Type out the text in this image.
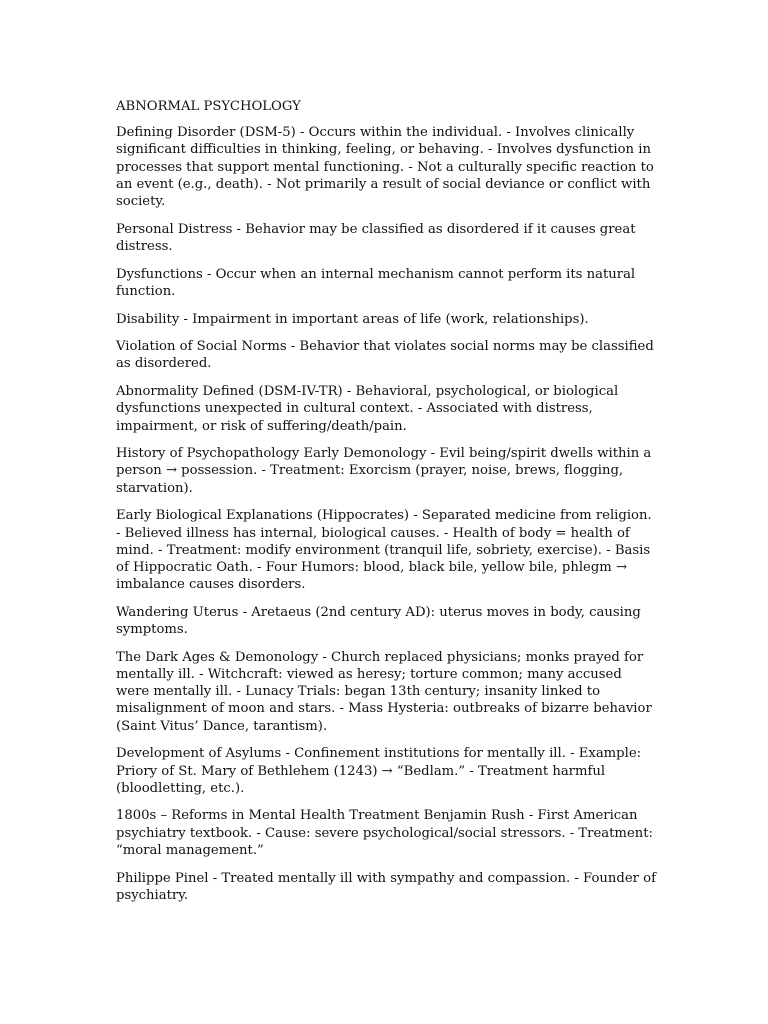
ABNORMAL PSYCHOLOGY

Defining Disorder (DSM-5) - Occurs within the individual. - Involves clinically significant difficulties in thinking, feeling, or behaving. - Involves dysfunction in processes that support mental functioning. - Not a culturally specific reaction to an event (e.g., death). - Not primarily a result of social deviance or conflict with society.

Personal Distress - Behavior may be classified as disordered if it causes great distress.

Dysfunctions - Occur when an internal mechanism cannot perform its natural function.

Disability - Impairment in important areas of life (work, relationships).

Violation of Social Norms - Behavior that violates social norms may be classified as disordered.

Abnormality Defined (DSM-IV-TR) - Behavioral, psychological, or biological dysfunctions unexpected in cultural context. - Associated with distress, impairment, or risk of suffering/death/pain.

History of Psychopathology Early Demonology - Evil being/spirit dwells within a person → possession. - Treatment: Exorcism (prayer, noise, brews, flogging, starvation).

Early Biological Explanations (Hippocrates) - Separated medicine from religion. - Believed illness has internal, biological causes. - Health of body = health of mind. - Treatment: modify environment (tranquil life, sobriety, exercise). - Basis of Hippocratic Oath. - Four Humors: blood, black bile, yellow bile, phlegm → imbalance causes disorders.

Wandering Uterus - Aretaeus (2nd century AD): uterus moves in body, causing symptoms.

The Dark Ages & Demonology - Church replaced physicians; monks prayed for mentally ill. - Witchcraft: viewed as heresy; torture common; many accused were mentally ill. - Lunacy Trials: began 13th century; insanity linked to misalignment of moon and stars. - Mass Hysteria: outbreaks of bizarre behavior (Saint Vitus’ Dance, tarantism).

Development of Asylums - Confinement institutions for mentally ill. - Example: Priory of St. Mary of Bethlehem (1243) → “Bedlam.” - Treatment harmful (bloodletting, etc.).

1800s – Reforms in Mental Health Treatment Benjamin Rush - First American psychiatry textbook. - Cause: severe psychological/social stressors. - Treatment: “moral management.”

Philippe Pinel - Treated mentally ill with sympathy and compassion. - Founder of psychiatry.
